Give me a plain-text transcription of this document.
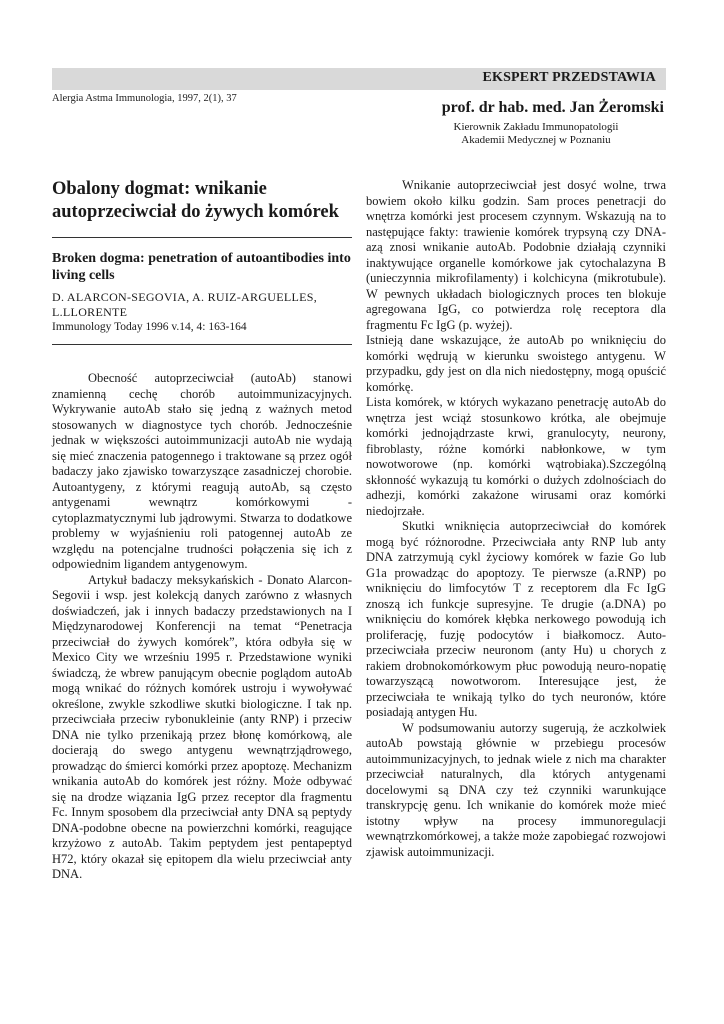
EKSPERT PRZEDSTAWIA
Alergia Astma Immunologia, 1997, 2(1), 37
prof. dr hab. med. Jan Żeromski
Kierownik Zakładu Immunopatologii
Akademii Medycznej w Poznaniu
Obalony dogmat: wnikanie autoprzeciwciał do żywych komórek
Broken dogma: penetration of autoantibodies into living cells
D. ALARCON-SEGOVIA, A. RUIZ-ARGUELLES, L.LLORENTE
Immunology Today 1996 v.14, 4: 163-164

Obecność autoprzeciwciał (autoAb) stanowi znamienną cechę chorób autoimmunizacyjnych. Wykrywanie autoAb stało się jedną z ważnych metod stosowanych w diagnostyce tych chorób. Jednocześnie jednak w większości autoimmunizacji autoAb nie wydają się mieć znaczenia patogennego i traktowane są przez ogół badaczy jako zjawisko towarzyszące zasadniczej chorobie. Autoantygeny, z którymi reagują autoAb, są często antygenami wewnątrz komórkowymi - cytoplazmatycznymi lub jądrowymi. Stwarza to dodatkowe problemy w wyjaśnieniu roli patogennej autoAb ze względu na potencjalne trudności połączenia się ich z odpowiednim ligandem antygenowym.

Artykuł badaczy meksykańskich - Donato Alarcon-Segovii i wsp. jest kolekcją danych zarówno z własnych doświadczeń, jak i innych badaczy przedstawionych na I Międzynarodowej Konferencji na temat “Penetracja przeciwciał do żywych komórek”, która odbyła się w Mexico City we wrześniu 1995 r. Przedstawione wyniki świadczą, że wbrew panującym obecnie poglądom autoAb mogą wnikać do różnych komórek ustroju i wywoływać określone, zwykle szkodliwe skutki biologiczne. I tak np. przeciwciała przeciw rybonukleinie (anty RNP) i przeciw DNA nie tylko przenikają przez błonę komórkową, ale docierają do swego antygenu wewnątrzjądrowego, prowadząc do śmierci komórki przez apoptozę. Mechanizm wnikania autoAb do komórek jest różny. Może odbywać się na drodze wiązania IgG przez receptor dla fragmentu Fc. Innym sposobem dla przeciwciał anty DNA są peptydy DNA-podobne obecne na powierzchni komórki, reagujące krzyżowo z autoAb. Takim peptydem jest pentapeptyd H72, który okazał się epitopem dla wielu przeciwciał anty DNA.

Wnikanie autoprzeciwciał jest dosyć wolne, trwa bowiem około kilku godzin. Sam proces penetracji do wnętrza komórki jest procesem czynnym. Wskazują na to następujące fakty: trawienie komórek trypsyną czy DNA-azą znosi wnikanie autoAb. Podobnie działają czynniki inaktywujące organelle komórkowe jak cytochalazyna B (unieczynnia mikrofilamenty) i kolchicyna (mikrotubule). W pewnych układach biologicznych proces ten blokuje agregowana IgG, co potwierdza rolę receptora dla fragmentu Fc IgG (p. wyżej).

Istnieją dane wskazujące, że autoAb po wniknięciu do komórki wędrują w kierunku swoistego antygenu. W przypadku, gdy jest on dla nich niedostępny, mogą opuścić komórkę.

Lista komórek, w których wykazano penetrację autoAb do wnętrza jest wciąż stosunkowo krótka, ale obejmuje komórki jednojądrzaste krwi, granulocyty, neurony, fibroblasty, różne komórki nabłonkowe, w tym nowotworowe (np. komórki wątrobiaka).Szczególną skłonność wykazują tu komórki o dużych zdolnościach do adhezji, komórki zakażone wirusami oraz komórki niedojrzałe.

Skutki wniknięcia autoprzeciwciał do komórek mogą być różnorodne. Przeciwciała anty RNP lub anty DNA zatrzymują cykl życiowy komórek w fazie Go lub G1a prowadząc do apoptozy. Te pierwsze (a.RNP) po wniknięciu do limfocytów T z receptorem dla Fc IgG znoszą ich funkcje supresyjne. Te drugie (a.DNA) po wniknięciu do komórek kłębka nerkowego powodują ich proliferację, fuzję podocytów i białkomocz. Auto-przeciwciała przeciw neuronom (anty Hu) u chorych z rakiem drobnokomórkowym płuc powodują neuro-nopatię towarzyszącą nowotworom. Interesujące jest, że przeciwciała te wnikają tylko do tych neuronów, które posiadają antygen Hu.

W podsumowaniu autorzy sugerują, że aczkolwiek autoAb powstają głównie w przebiegu procesów autoimmunizacyjnych, to jednak wiele z nich ma charakter przeciwciał naturalnych, dla których antygenami docelowymi są DNA czy też czynniki warunkujące transkrypcję genu. Ich wnikanie do komórek może mieć istotny wpływ na procesy immunoregulacji wewnątrzkomórkowej, a także może zapobiegać rozwojowi zjawisk autoimmunizacji.
